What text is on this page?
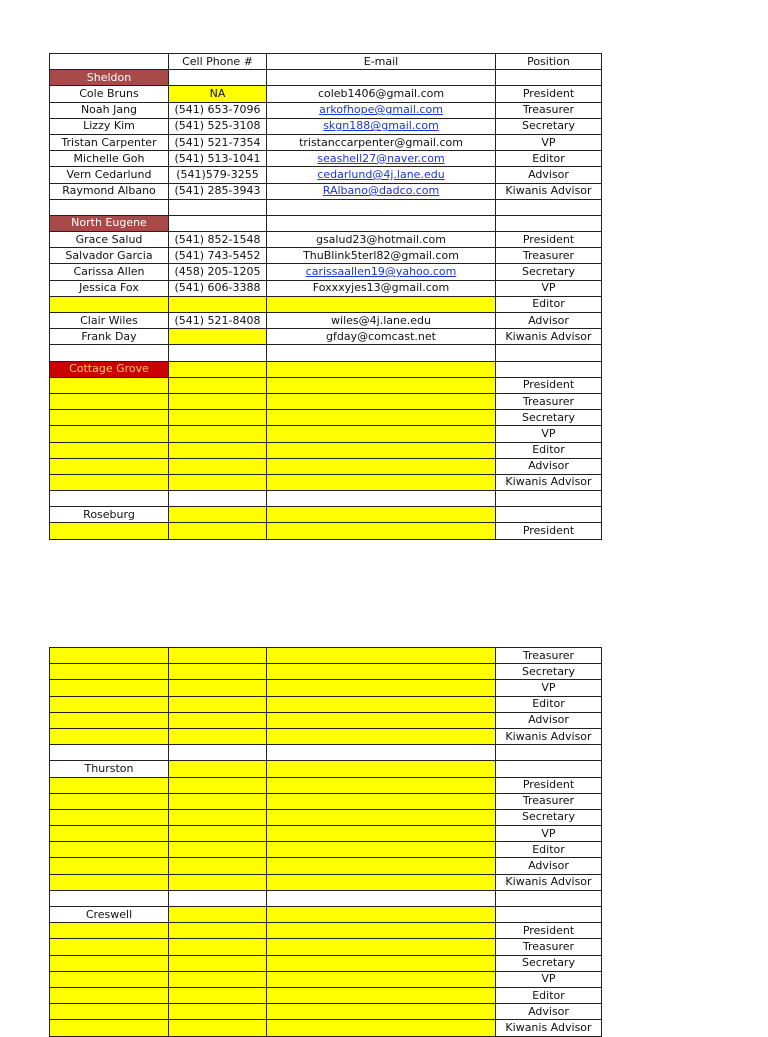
	Cell Phone #	E-mail	Position
Sheldon			
Cole Bruns	NA	coleb1406@gmail.com	President
Noah Jang	(541) 653-7096	arkofhope@gmail.com	Treasurer
Lizzy Kim	(541) 525-3108	skgn188@gmail.com	Secretary
Tristan Carpenter	(541) 521-7354	tristanccarpenter@gmail.com	VP
Michelle Goh	(541) 513-1041	seashell27@naver.com	Editor
Vern Cedarlund	(541)579-3255	cedarlund@4j.lane.edu	Advisor
Raymond Albano	(541) 285-3943	RAlbano@dadco.com	Kiwanis Advisor

North Eugene			
Grace Salud	(541) 852-1548	gsalud23@hotmail.com	President
Salvador Garcia	(541) 743-5452	ThuBlink5terl82@gmail.com	Treasurer
Carissa Allen	(458) 205-1205	carissaallen19@yahoo.com	Secretary
Jessica Fox	(541) 606-3388	Foxxxyjes13@gmail.com	VP
			Editor
Clair Wiles	(541) 521-8408	wiles@4j.lane.edu	Advisor
Frank Day		gfday@comcast.net	Kiwanis Advisor

Cottage Grove			
			President
			Treasurer
			Secretary
			VP
			Editor
			Advisor
			Kiwanis Advisor

Roseburg			
			President
			Treasurer
			Secretary
			VP
			Editor
			Advisor
			Kiwanis Advisor

Thurston			
			President
			Treasurer
			Secretary
			VP
			Editor
			Advisor
			Kiwanis Advisor

Creswell			
			President
			Treasurer
			Secretary
			VP
			Editor
			Advisor
			Kiwanis Advisor
